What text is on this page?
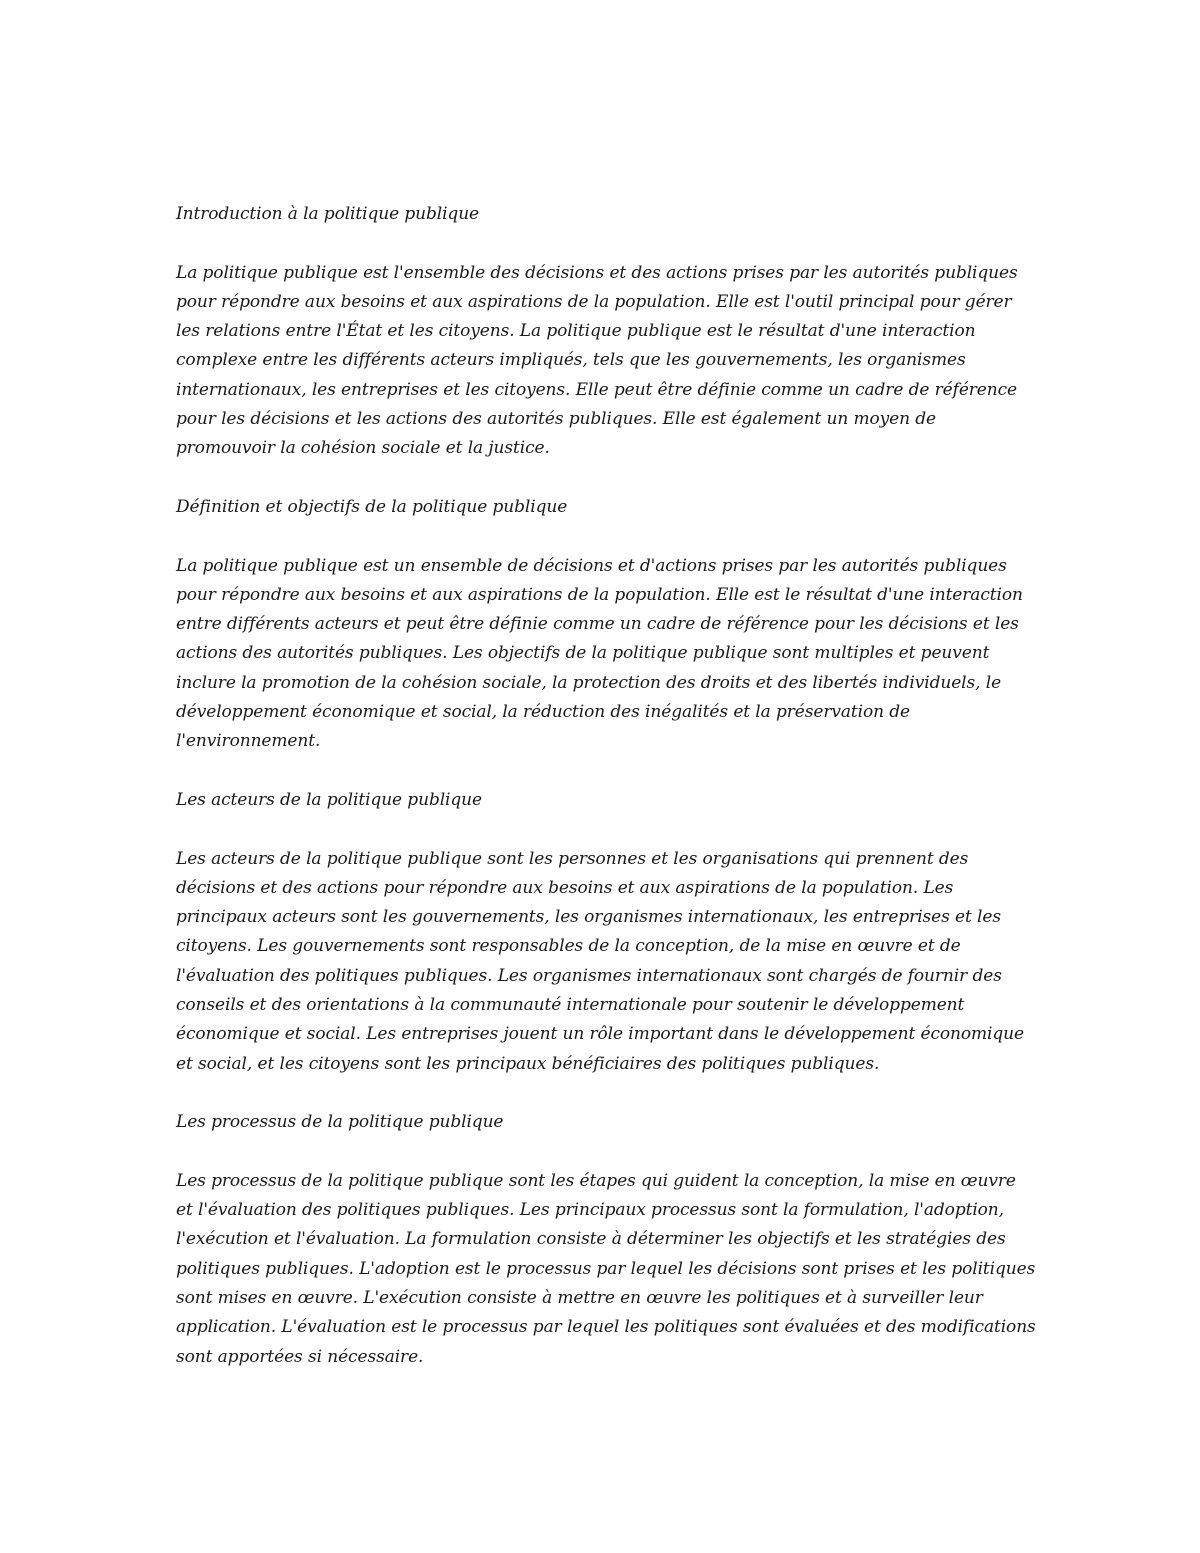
Introduction à la politique publique

La politique publique est l'ensemble des décisions et des actions prises par les autorités publiques pour répondre aux besoins et aux aspirations de la population. Elle est l'outil principal pour gérer les relations entre l'État et les citoyens. La politique publique est le résultat d'une interaction complexe entre les différents acteurs impliqués, tels que les gouvernements, les organismes internationaux, les entreprises et les citoyens. Elle peut être définie comme un cadre de référence pour les décisions et les actions des autorités publiques. Elle est également un moyen de promouvoir la cohésion sociale et la justice.

Définition et objectifs de la politique publique

La politique publique est un ensemble de décisions et d'actions prises par les autorités publiques pour répondre aux besoins et aux aspirations de la population. Elle est le résultat d'une interaction entre différents acteurs et peut être définie comme un cadre de référence pour les décisions et les actions des autorités publiques. Les objectifs de la politique publique sont multiples et peuvent inclure la promotion de la cohésion sociale, la protection des droits et des libertés individuels, le développement économique et social, la réduction des inégalités et la préservation de l'environnement.

Les acteurs de la politique publique

Les acteurs de la politique publique sont les personnes et les organisations qui prennent des décisions et des actions pour répondre aux besoins et aux aspirations de la population. Les principaux acteurs sont les gouvernements, les organismes internationaux, les entreprises et les citoyens. Les gouvernements sont responsables de la conception, de la mise en œuvre et de l'évaluation des politiques publiques. Les organismes internationaux sont chargés de fournir des conseils et des orientations à la communauté internationale pour soutenir le développement économique et social. Les entreprises jouent un rôle important dans le développement économique et social, et les citoyens sont les principaux bénéficiaires des politiques publiques.

Les processus de la politique publique

Les processus de la politique publique sont les étapes qui guident la conception, la mise en œuvre et l'évaluation des politiques publiques. Les principaux processus sont la formulation, l'adoption, l'exécution et l'évaluation. La formulation consiste à déterminer les objectifs et les stratégies des politiques publiques. L'adoption est le processus par lequel les décisions sont prises et les politiques sont mises en œuvre. L'exécution consiste à mettre en œuvre les politiques et à surveiller leur application. L'évaluation est le processus par lequel les politiques sont évaluées et des modifications sont apportées si nécessaire.
